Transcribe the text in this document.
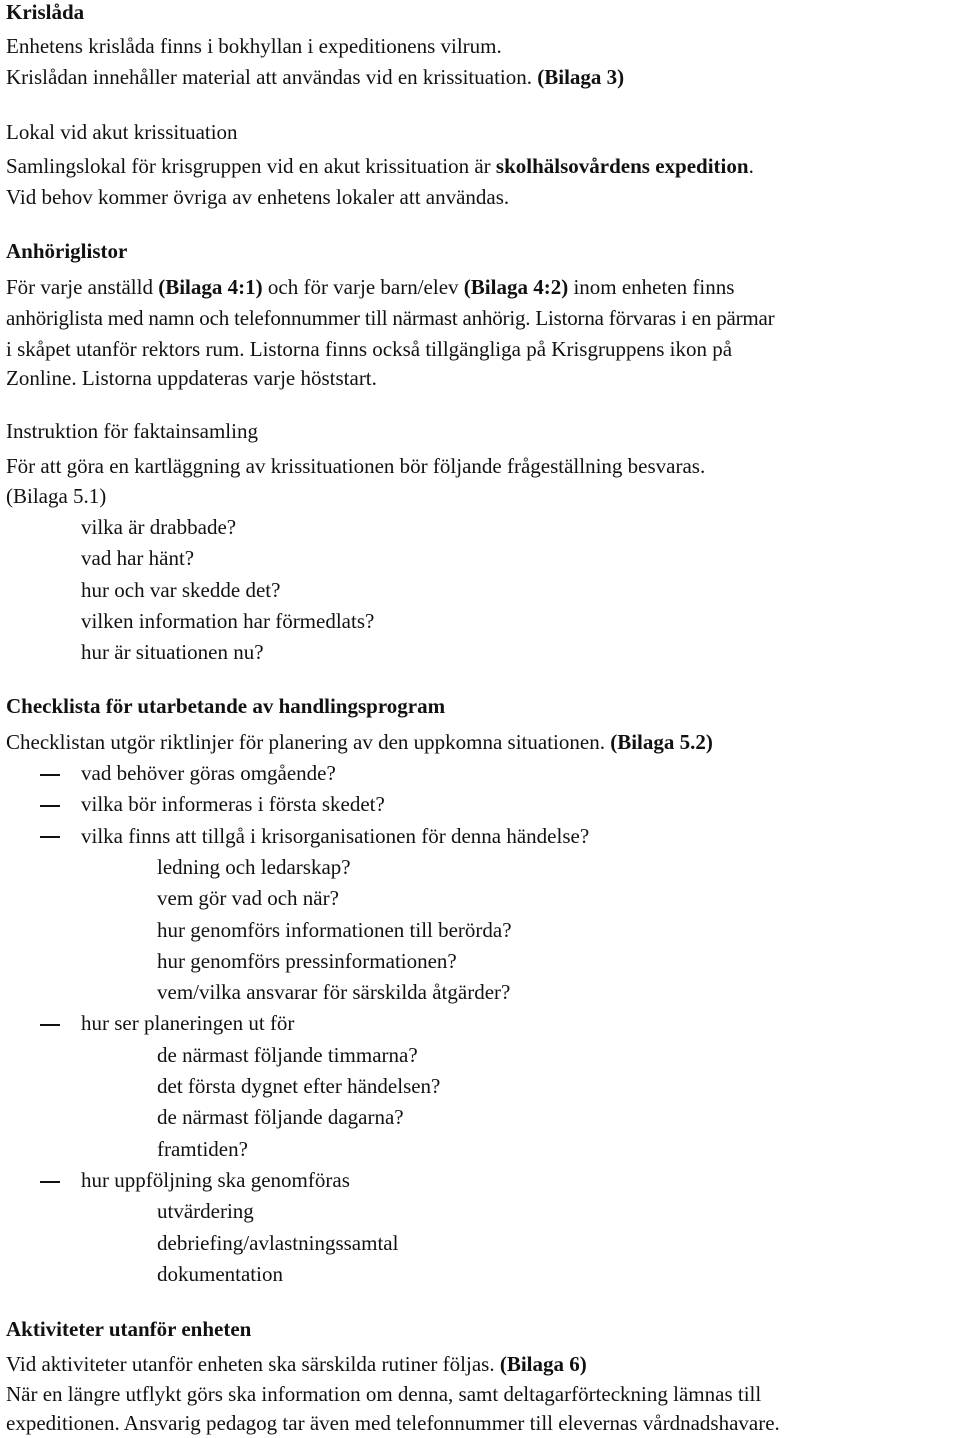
Krislåda
Enhetens krislåda finns i bokhyllan i expeditionens vilrum.
Krislådan innehåller material att användas vid en krissituation. (Bilaga 3)
Lokal vid akut krissituation
Samlingslokal för krisgruppen vid en akut krissituation är skolhälsovårdens expedition.
Vid behov kommer övriga av enhetens lokaler att användas.
Anhöriglistor
För varje anställd (Bilaga 4:1) och för varje barn/elev (Bilaga 4:2) inom enheten finns
anhöriglista med namn och telefonnummer till närmast anhörig. Listorna förvaras i en pärmar
i skåpet utanför rektors rum. Listorna finns också tillgängliga på Krisgruppens ikon på
Zonline. Listorna uppdateras varje höststart.
Instruktion för faktainsamling
För att göra en kartläggning av krissituationen bör följande frågeställning besvaras.
(Bilaga 5.1)
vilka är drabbade?
vad har hänt?
hur och var skedde det?
vilken information har förmedlats?
hur är situationen nu?
Checklista för utarbetande av handlingsprogram
Checklistan utgör riktlinjer för planering av den uppkomna situationen. (Bilaga 5.2)
vad behöver göras omgående?
vilka bör informeras i första skedet?
vilka finns att tillgå i krisorganisationen för denna händelse?
ledning och ledarskap?
vem gör vad och när?
hur genomförs informationen till berörda?
hur genomförs pressinformationen?
vem/vilka ansvarar för särskilda åtgärder?
hur ser planeringen ut för
de närmast följande timmarna?
det första dygnet efter händelsen?
de närmast följande dagarna?
framtiden?
hur uppföljning ska genomföras
utvärdering
debriefing/avlastningssamtal
dokumentation
Aktiviteter utanför enheten
Vid aktiviteter utanför enheten ska särskilda rutiner följas. (Bilaga 6)
När en längre utflykt görs ska information om denna, samt deltagarförteckning lämnas till
expeditionen. Ansvarig pedagog tar även med telefonnummer till elevernas vårdnadshavare.
